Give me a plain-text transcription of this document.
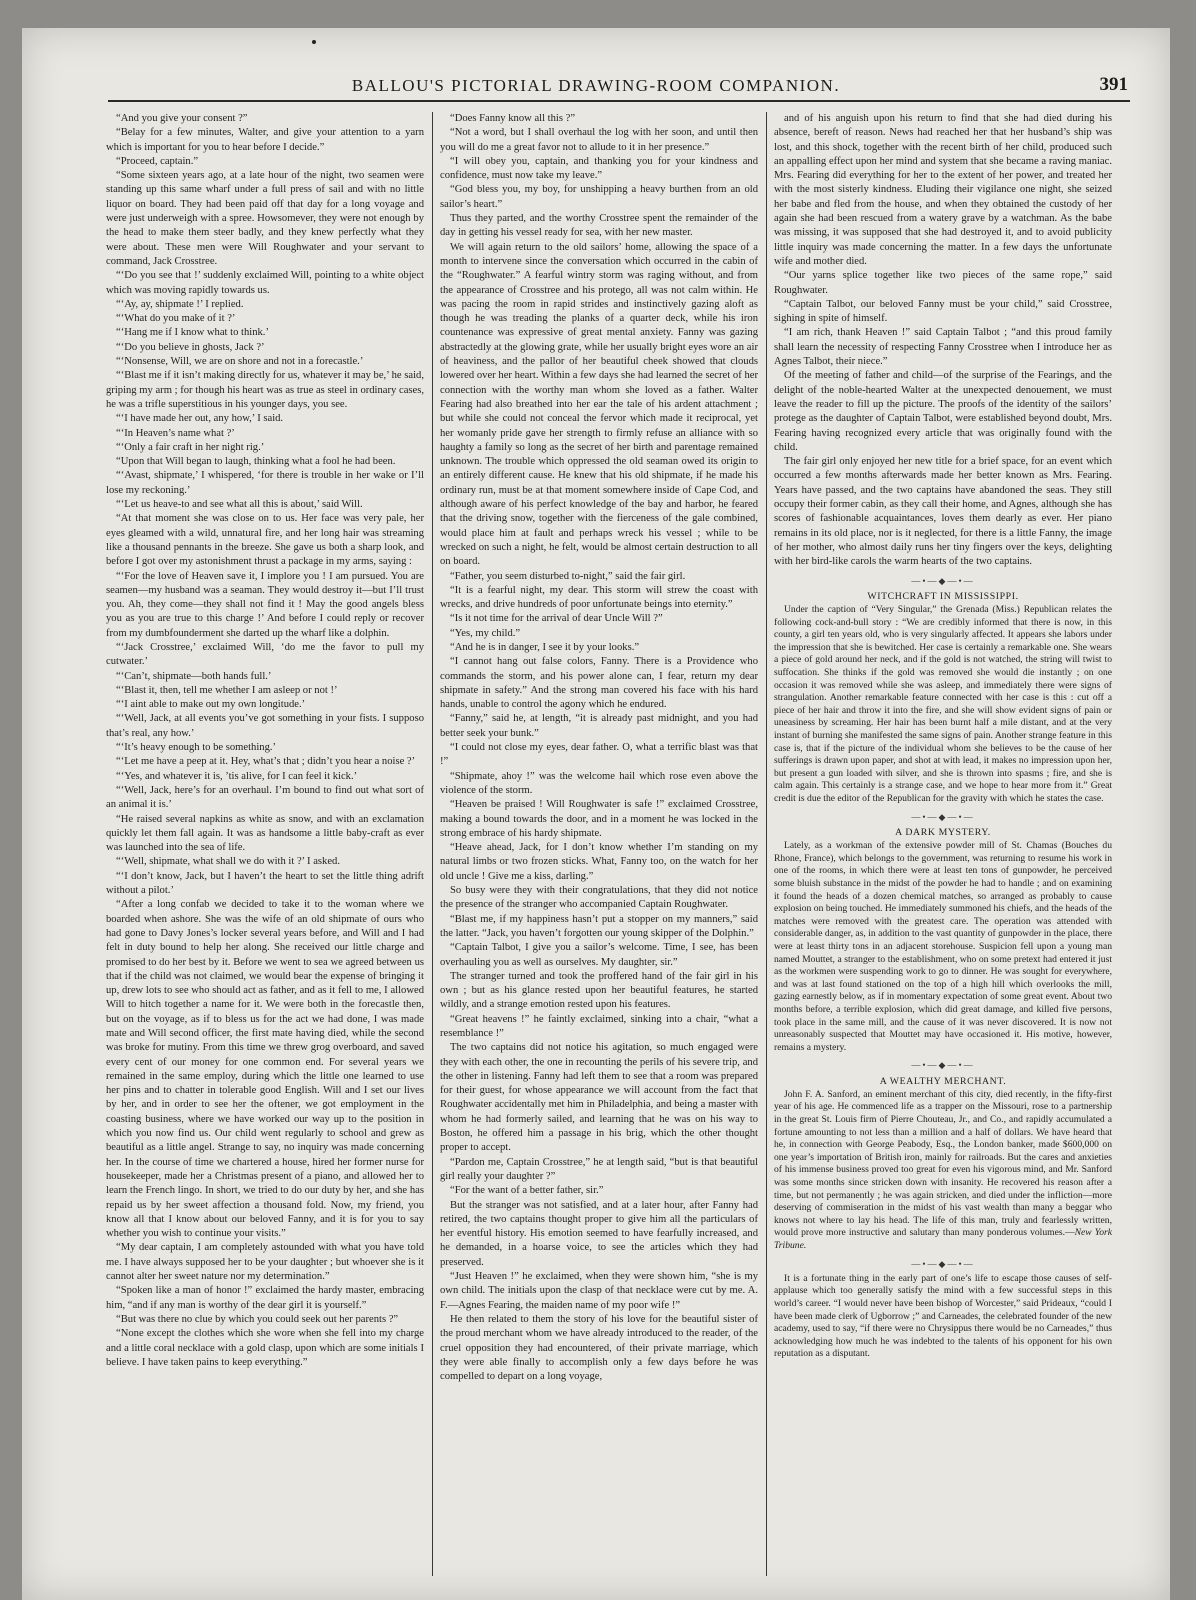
BALLOU'S PICTORIAL DRAWING-ROOM COMPANION.	391

“And you give your consent ?”

“Belay for a few minutes, Walter, and give your attention to a yarn which is important for you to hear before I decide.”

“Proceed, captain.”

“Some sixteen years ago, at a late hour of the night, two seamen were standing up this same wharf under a full press of sail and with no little liquor on board. They had been paid off that day for a long voyage and were just underweigh with a spree. Howsomever, they were not enough by the head to make them steer badly, and they knew perfectly what they were about. These men were Will Roughwater and your servant to command, Jack Crosstree.

“‘Do you see that !’ suddenly exclaimed Will, pointing to a white object which was moving rapidly towards us.

“‘Ay, ay, shipmate !’ I replied.

“‘What do you make of it ?’

“‘Hang me if I know what to think.’

“‘Do you believe in ghosts, Jack ?’

“‘Nonsense, Will, we are on shore and not in a forecastle.’

“‘Blast me if it isn’t making directly for us, whatever it may be,’ he said, griping my arm ; for though his heart was as true as steel in ordinary cases, he was a trifle superstitious in his younger days, you see.

“‘I have made her out, any how,’ I said.

“‘In Heaven’s name what ?’

“‘Only a fair craft in her night rig.’

“Upon that Will began to laugh, thinking what a fool he had been.

“‘Avast, shipmate,’ I whispered, ‘for there is trouble in her wake or I’ll lose my reckoning.’

“‘Let us heave-to and see what all this is about,’ said Will.

“At that moment she was close on to us. Her face was very pale, her eyes gleamed with a wild, unnatural fire, and her long hair was streaming like a thousand pennants in the breeze. She gave us both a sharp look, and before I got over my astonishment thrust a package in my arms, saying :

“‘For the love of Heaven save it, I implore you ! I am pursued. You are seamen—my husband was a seaman. They would destroy it—but I’ll trust you. Ah, they come—they shall not find it ! May the good angels bless you as you are true to this charge !’ And before I could reply or recover from my dumbfounderment she darted up the wharf like a dolphin.

“‘Jack Crosstree,’ exclaimed Will, ‘do me the favor to pull my cutwater.’

“‘Can’t, shipmate—both hands full.’

“‘Blast it, then, tell me whether I am asleep or not !’

“‘I aint able to make out my own longitude.’

“‘Well, Jack, at all events you’ve got something in your fists. I supposo that’s real, any how.’

“‘It’s heavy enough to be something.’

“‘Let me have a peep at it. Hey, what’s that ; didn’t you hear a noise ?’

“‘Yes, and whatever it is, ’tis alive, for I can feel it kick.’

“‘Well, Jack, here’s for an overhaul. I’m bound to find out what sort of an animal it is.’

“He raised several napkins as white as snow, and with an exclamation quickly let them fall again. It was as handsome a little baby-craft as ever was launched into the sea of life.

“‘Well, shipmate, what shall we do with it ?’ I asked.

“‘I don’t know, Jack, but I haven’t the heart to set the little thing adrift without a pilot.’

“After a long confab we decided to take it to the woman where we boarded when ashore. She was the wife of an old shipmate of ours who had gone to Davy Jones’s locker several years before, and Will and I had felt in duty bound to help her along. She received our little charge and promised to do her best by it. Before we went to sea we agreed between us that if the child was not claimed, we would bear the expense of bringing it up, drew lots to see who should act as father, and as it fell to me, I allowed Will to hitch together a name for it. We were both in the forecastle then, but on the voyage, as if to bless us for the act we had done, I was made mate and Will second officer, the first mate having died, while the second was broke for mutiny. From this time we threw grog overboard, and saved every cent of our money for one common end. For several years we remained in the same employ, during which the little one learned to use her pins and to chatter in tolerable good English. Will and I set our lives by her, and in order to see her the oftener, we got employment in the coasting business, where we have worked our way up to the position in which you now find us. Our child went regularly to school and grew as beautiful as a little angel. Strange to say, no inquiry was made concerning her. In the course of time we chartered a house, hired her former nurse for housekeeper, made her a Christmas present of a piano, and allowed her to learn the French lingo. In short, we tried to do our duty by her, and she has repaid us by her sweet affection a thousand fold. Now, my friend, you know all that I know about our beloved Fanny, and it is for you to say whether you wish to continue your visits.”

“My dear captain, I am completely astounded with what you have told me. I have always supposed her to be your daughter ; but whoever she is it cannot alter her sweet nature nor my determination.”

“Spoken like a man of honor !” exclaimed the hardy master, embracing him, “and if any man is worthy of the dear girl it is yourself.”

“But was there no clue by which you could seek out her parents ?”

“None except the clothes which she wore when she fell into my charge and a little coral necklace with a gold clasp, upon which are some initials I believe. I have taken pains to keep everything.”

“Does Fanny know all this ?”

“Not a word, but I shall overhaul the log with her soon, and until then you will do me a great favor not to allude to it in her presence.”

“I will obey you, captain, and thanking you for your kindness and confidence, must now take my leave.”

“God bless you, my boy, for unshipping a heavy burthen from an old sailor’s heart.”

Thus they parted, and the worthy Crosstree spent the remainder of the day in getting his vessel ready for sea, with her new master.

We will again return to the old sailors’ home, allowing the space of a month to intervene since the conversation which occurred in the cabin of the “Roughwater.” A fearful wintry storm was raging without, and from the appearance of Crosstree and his protego, all was not calm within. He was pacing the room in rapid strides and instinctively gazing aloft as though he was treading the planks of a quarter deck, while his iron countenance was expressive of great mental anxiety. Fanny was gazing abstractedly at the glowing grate, while her usually bright eyes wore an air of heaviness, and the pallor of her beautiful cheek showed that clouds lowered over her heart. Within a few days she had learned the secret of her connection with the worthy man whom she loved as a father. Walter Fearing had also breathed into her ear the tale of his ardent attachment ; but while she could not conceal the fervor which made it reciprocal, yet her womanly pride gave her strength to firmly refuse an alliance with so haughty a family so long as the secret of her birth and parentage remained unknown. The trouble which oppressed the old seaman owed its origin to an entirely different cause. He knew that his old shipmate, if he made his ordinary run, must be at that moment somewhere inside of Cape Cod, and although aware of his perfect knowledge of the bay and harbor, he feared that the driving snow, together with the fierceness of the gale combined, would place him at fault and perhaps wreck his vessel ; while to be wrecked on such a night, he felt, would be almost certain destruction to all on board.

“Father, you seem disturbed to-night,” said the fair girl.

“It is a fearful night, my dear. This storm will strew the coast with wrecks, and drive hundreds of poor unfortunate beings into eternity.”

“Is it not time for the arrival of dear Uncle Will ?”

“Yes, my child.”

“And he is in danger, I see it by your looks.”

“I cannot hang out false colors, Fanny. There is a Providence who commands the storm, and his power alone can, I fear, return my dear shipmate in safety.” And the strong man covered his face with his hard hands, unable to control the agony which he endured.

“Fanny,” said he, at length, “it is already past midnight, and you had better seek your bunk.”

“I could not close my eyes, dear father. O, what a terrific blast was that !”

“Shipmate, ahoy !” was the welcome hail which rose even above the violence of the storm.

“Heaven be praised ! Will Roughwater is safe !” exclaimed Crosstree, making a bound towards the door, and in a moment he was locked in the strong embrace of his hardy shipmate.

“Heave ahead, Jack, for I don’t know whether I’m standing on my natural limbs or two frozen sticks. What, Fanny too, on the watch for her old uncle ! Give me a kiss, darling.”

So busy were they with their congratulations, that they did not notice the presence of the stranger who accompanied Captain Roughwater.

“Blast me, if my happiness hasn’t put a stopper on my manners,” said the latter. “Jack, you haven’t forgotten our young skipper of the Dolphin.”

“Captain Talbot, I give you a sailor’s welcome. Time, I see, has been overhauling you as well as ourselves. My daughter, sir.”

The stranger turned and took the proffered hand of the fair girl in his own ; but as his glance rested upon her beautiful features, he started wildly, and a strange emotion rested upon his features.

“Great heavens !” he faintly exclaimed, sinking into a chair, “what a resemblance !”

The two captains did not notice his agitation, so much engaged were they with each other, the one in recounting the perils of his severe trip, and the other in listening. Fanny had left them to see that a room was prepared for their guest, for whose appearance we will account from the fact that Roughwater accidentally met him in Philadelphia, and being a master with whom he had formerly sailed, and learning that he was on his way to Boston, he offered him a passage in his brig, which the other thought proper to accept.

“Pardon me, Captain Crosstree,” he at length said, “but is that beautiful girl really your daughter ?”

“For the want of a better father, sir.”

But the stranger was not satisfied, and at a later hour, after Fanny had retired, the two captains thought proper to give him all the particulars of her eventful history. His emotion seemed to have fearfully increased, and he demanded, in a hoarse voice, to see the articles which they had preserved.

“Just Heaven !” he exclaimed, when they were shown him, “she is my own child. The initials upon the clasp of that necklace were cut by me. A. F.—Agnes Fearing, the maiden name of my poor wife !”

He then related to them the story of his love for the beautiful sister of the proud merchant whom we have already introduced to the reader, of the cruel opposition they had encountered, of their private marriage, which they were able finally to accomplish only a few days before he was compelled to depart on a long voyage,

and of his anguish upon his return to find that she had died during his absence, bereft of reason. News had reached her that her husband’s ship was lost, and this shock, together with the recent birth of her child, produced such an appalling effect upon her mind and system that she became a raving maniac. Mrs. Fearing did everything for her to the extent of her power, and treated her with the most sisterly kindness. Eluding their vigilance one night, she seized her babe and fled from the house, and when they obtained the custody of her again she had been rescued from a watery grave by a watchman. As the babe was missing, it was supposed that she had destroyed it, and to avoid publicity little inquiry was made concerning the matter. In a few days the unfortunate wife and mother died.

“Our yarns splice together like two pieces of the same rope,” said Roughwater.

“Captain Talbot, our beloved Fanny must be your child,” said Crosstree, sighing in spite of himself.

“I am rich, thank Heaven !” said Captain Talbot ; “and this proud family shall learn the necessity of respecting Fanny Crosstree when I introduce her as Agnes Talbot, their niece.”

Of the meeting of father and child—of the surprise of the Fearings, and the delight of the noble-hearted Walter at the unexpected denouement, we must leave the reader to fill up the picture. The proofs of the identity of the sailors’ protege as the daughter of Captain Talbot, were established beyond doubt, Mrs. Fearing having recognized every article that was originally found with the child.

The fair girl only enjoyed her new title for a brief space, for an event which occurred a few months afterwards made her better known as Mrs. Fearing. Years have passed, and the two captains have abandoned the seas. They still occupy their former cabin, as they call their home, and Agnes, although she has scores of fashionable acquaintances, loves them dearly as ever. Her piano remains in its old place, nor is it neglected, for there is a little Fanny, the image of her mother, who almost daily runs her tiny fingers over the keys, delighting with her bird-like carols the warm hearts of the two captains.

—•—◆—•—

WITCHCRAFT IN MISSISSIPPI.

Under the caption of “Very Singular,” the Grenada (Miss.) Republican relates the following cock-and-bull story : “We are credibly informed that there is now, in this county, a girl ten years old, who is very singularly affected. It appears she labors under the impression that she is bewitched. Her case is certainly a remarkable one. She wears a piece of gold around her neck, and if the gold is not watched, the string will twist to suffocation. She thinks if the gold was removed she would die instantly ; on one occasion it was removed while she was asleep, and immediately there were signs of strangulation. Another remarkable feature connected with her case is this : cut off a piece of her hair and throw it into the fire, and she will show evident signs of pain or uneasiness by screaming. Her hair has been burnt half a mile distant, and at the very instant of burning she manifested the same signs of pain. Another strange feature in this case is, that if the picture of the individual whom she believes to be the cause of her sufferings is drawn upon paper, and shot at with lead, it makes no impression upon her, but present a gun loaded with silver, and she is thrown into spasms ; fire, and she is calm again. This certainly is a strange case, and we hope to hear more from it.” Great credit is due the editor of the Republican for the gravity with which he states the case.

—•—◆—•—

A DARK MYSTERY.

Lately, as a workman of the extensive powder mill of St. Chamas (Bouches du Rhone, France), which belongs to the government, was returning to resume his work in one of the rooms, in which there were at least ten tons of gunpowder, he perceived some bluish substance in the midst of the powder he had to handle ; and on examining it found the heads of a dozen chemical matches, so arranged as probably to cause explosion on being touched. He immediately summoned his chiefs, and the heads of the matches were removed with the greatest care. The operation was attended with considerable danger, as, in addition to the vast quantity of gunpowder in the place, there were at least thirty tons in an adjacent storehouse. Suspicion fell upon a young man named Mouttet, a stranger to the establishment, who on some pretext had entered it just as the workmen were suspending work to go to dinner. He was sought for everywhere, and was at last found stationed on the top of a high hill which overlooks the mill, gazing earnestly below, as if in momentary expectation of some great event. About two months before, a terrible explosion, which did great damage, and killed five persons, took place in the same mill, and the cause of it was never discovered. It is now not unreasonably suspected that Mouttet may have occasioned it. His motive, however, remains a mystery.

—•—◆—•—

A WEALTHY MERCHANT.

John F. A. Sanford, an eminent merchant of this city, died recently, in the fifty-first year of his age. He commenced life as a trapper on the Missouri, rose to a partnership in the great St. Louis firm of Pierre Chouteau, Jr., and Co., and rapidly accumulated a fortune amounting to not less than a million and a half of dollars. We have heard that he, in connection with George Peabody, Esq., the London banker, made $600,000 on one year’s importation of British iron, mainly for railroads. But the cares and anxieties of his immense business proved too great for even his vigorous mind, and Mr. Sanford was some months since stricken down with insanity. He recovered his reason after a time, but not permanently ; he was again stricken, and died under the infliction—more deserving of commiseration in the midst of his vast wealth than many a beggar who knows not where to lay his head. The life of this man, truly and fearlessly written, would prove more instructive and salutary than many ponderous volumes.—New York Tribune.

—•—◆—•—

It is a fortunate thing in the early part of one’s life to escape those causes of self-applause which too generally satisfy the mind with a few successful steps in this world’s career. “I would never have been bishop of Worcester,” said Prideaux, “could I have been made clerk of Ugborrow ;” and Carneades, the celebrated founder of the new academy, used to say, “if there were no Chrysippus there would be no Carneades,” thus acknowledging how much he was indebted to the talents of his opponent for his own reputation as a disputant.
